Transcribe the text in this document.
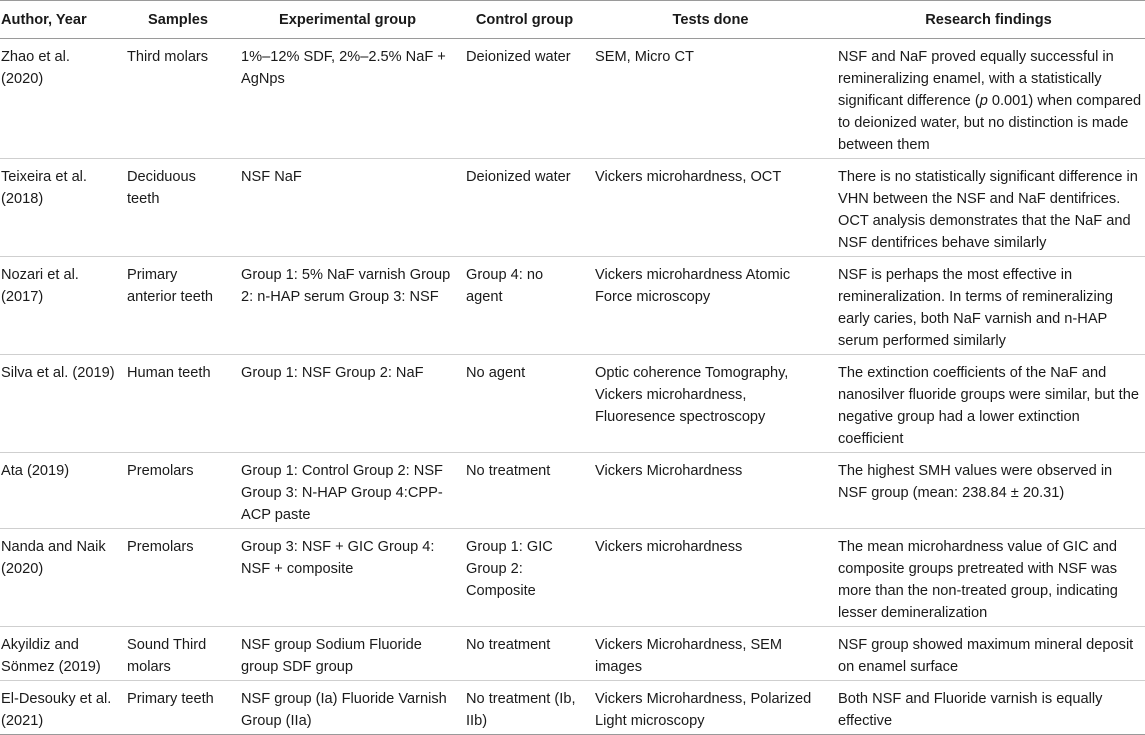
Author, Year	Samples	Experimental group	Control group	Tests done	Research findings
Zhao et al. (2020)	Third molars	1%–12% SDF, 2%–2.5% NaF + AgNps	Deionized water	SEM, Micro CT	NSF and NaF proved equally successful in remineralizing enamel, with a statistically significant difference (p 0.001) when compared to deionized water, but no distinction is made between them
Teixeira et al. (2018)	Deciduous teeth	NSF NaF	Deionized water	Vickers microhardness, OCT	There is no statistically significant difference in VHN between the NSF and NaF dentifrices. OCT analysis demonstrates that the NaF and NSF dentifrices behave similarly
Nozari et al. (2017)	Primary anterior teeth	Group 1: 5% NaF varnish Group 2: n-HAP serum Group 3: NSF	Group 4: no agent	Vickers microhardness Atomic Force microscopy	NSF is perhaps the most effective in remineralization. In terms of remineralizing early caries, both NaF varnish and n-HAP serum performed similarly
Silva et al. (2019)	Human teeth	Group 1: NSF Group 2: NaF	No agent	Optic coherence Tomography, Vickers microhardness, Fluoresence spectroscopy	The extinction coefficients of the NaF and nanosilver fluoride groups were similar, but the negative group had a lower extinction coefficient
Ata (2019)	Premolars	Group 1: Control Group 2: NSF Group 3: N-HAP Group 4:CPP-ACP paste	No treatment	Vickers Microhardness	The highest SMH values were observed in NSF group (mean: 238.84 ± 20.31)
Nanda and Naik (2020)	Premolars	Group 3: NSF + GIC Group 4: NSF + composite	Group 1: GIC Group 2: Composite	Vickers microhardness	The mean microhardness value of GIC and composite groups pretreated with NSF was more than the non-treated group, indicating lesser demineralization
Akyildiz and Sönmez (2019)	Sound Third molars	NSF group Sodium Fluoride group SDF group	No treatment	Vickers Microhardness, SEM images	NSF group showed maximum mineral deposit on enamel surface
El-Desouky et al. (2021)	Primary teeth	NSF group (Ia) Fluoride Varnish Group (IIa)	No treatment (Ib, IIb)	Vickers Microhardness, Polarized Light microscopy	Both NSF and Fluoride varnish is equally effective
